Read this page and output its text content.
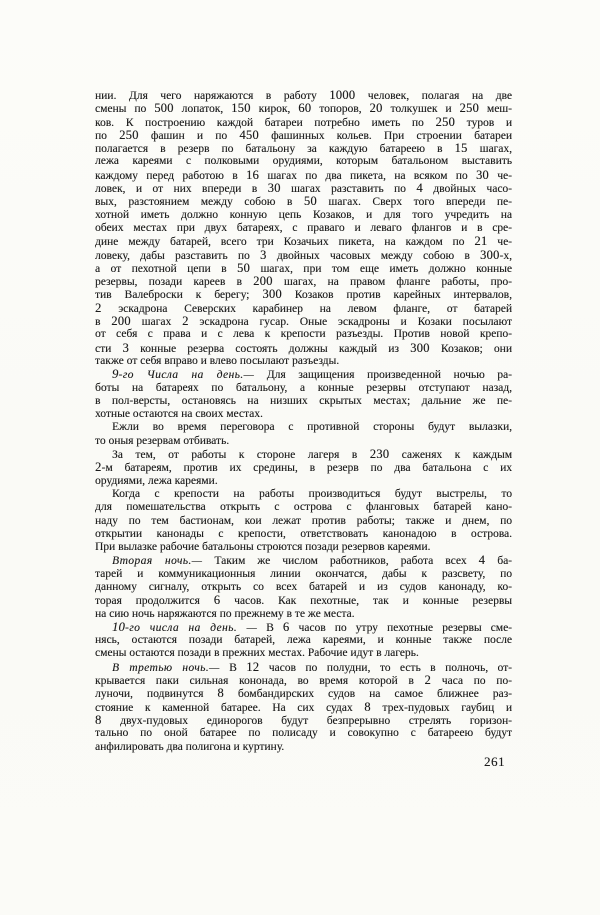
нии. Для чего наряжаются в работу 1000 человек, полагая на две
смены по 500 лопаток, 150 кирок, 60 топоров, 20 толкушек и 250 меш-
ков. К построению каждой батареи потребно иметь по 250 туров и
по 250 фашин и по 450 фашинных кольев. При строении батареи
полагается в резерв по батальону за каждую батареею в 15 шагах,
лежа кареями с полковыми орудиями, которым батальоном выставить
каждому перед работою в 16 шагах по два пикета, на всяком по 30 че-
ловек, и от них впереди в 30 шагах разставить по 4 двойных часо-
вых, разстоянием между собою в 50 шагах. Сверх того впереди пе-
хотной иметь должно конную цепь Козаков, и для того учредить на
обеих местах при двух батареях, с праваго и леваго флангов и в сре-
дине между батарей, всего три Козачьих пикета, на каждом по 21 че-
ловеку, дабы разставить по 3 двойных часовых между собою в 300-х,
а от пехотной цепи в 50 шагах, при том еще иметь должно конные
резервы, позади кареев в 200 шагах, на правом фланге работы, про-
тив Валеброски к берегу; 300 Козаков против карейных интервалов,
2 эскадрона Северских карабинер на левом фланге, от батарей
в 200 шагах 2 эскадрона гусар. Оные эскадроны и Козаки посылают
от себя с права и с лева к крепости разъезды. Против новой крепо-
сти 3 конные резерва состоять должны каждый из 300 Козаков; они
также от себя вправо и влево посылают разъезды.
9-го Числа на день.— Для защищения произведенной ночью ра-
боты на батареях по батальону, а конные резервы отступают назад,
в пол-версты, остановясь на низших скрытых местах; дальние же пе-
хотные остаются на своих местах.
Ежли во время переговора с противной стороны будут вылазки,
то оныя резервам отбивать.
За тем, от работы к стороне лагеря в 230 саженях к каждым
2-м батареям, против их средины, в резерв по два батальона с их
орудиями, лежа кареями.
Когда с крепости на работы производиться будут выстрелы, то
для помешательства открыть с острова с фланговых батарей кано-
наду по тем бастионам, кои лежат против работы; также и днем, по
открытии канонады с крепости, ответствовать канонадою в острова.
При вылазке рабочие батальоны строются позади резервов кареями.
Вторая ночь.— Таким же числом работников, работа всех 4 ба-
тарей и коммуникационныя линии окончатся, дабы к разсвету, по
данному сигналу, открыть со всех батарей и из судов канонаду, ко-
торая продолжится 6 часов. Как пехотные, так и конные резервы
на сию ночь наряжаются по прежнему в те же места.
10-го числа на день. — В 6 часов по утру пехотные резервы сме-
нясь, остаются позади батарей, лежа кареями, и конные также после
смены остаются позади в прежних местах. Рабочие идут в лагерь.
В третью ночь.— В 12 часов по полудни, то есть в полночь, от-
крывается паки сильная кононада, во время которой в 2 часа по по-
луночи, подвинутся 8 бомбандирских судов на самое ближнее раз-
стояние к каменной батарее. На сих судах 8 трех-пудовых гаубиц и
8 двух-пудовых единорогов будут безпрерывно стрелять горизон-
тально по оной батарее по полисаду и совокупно с батареею будут
анфилировать два полигона и куртину.
261
